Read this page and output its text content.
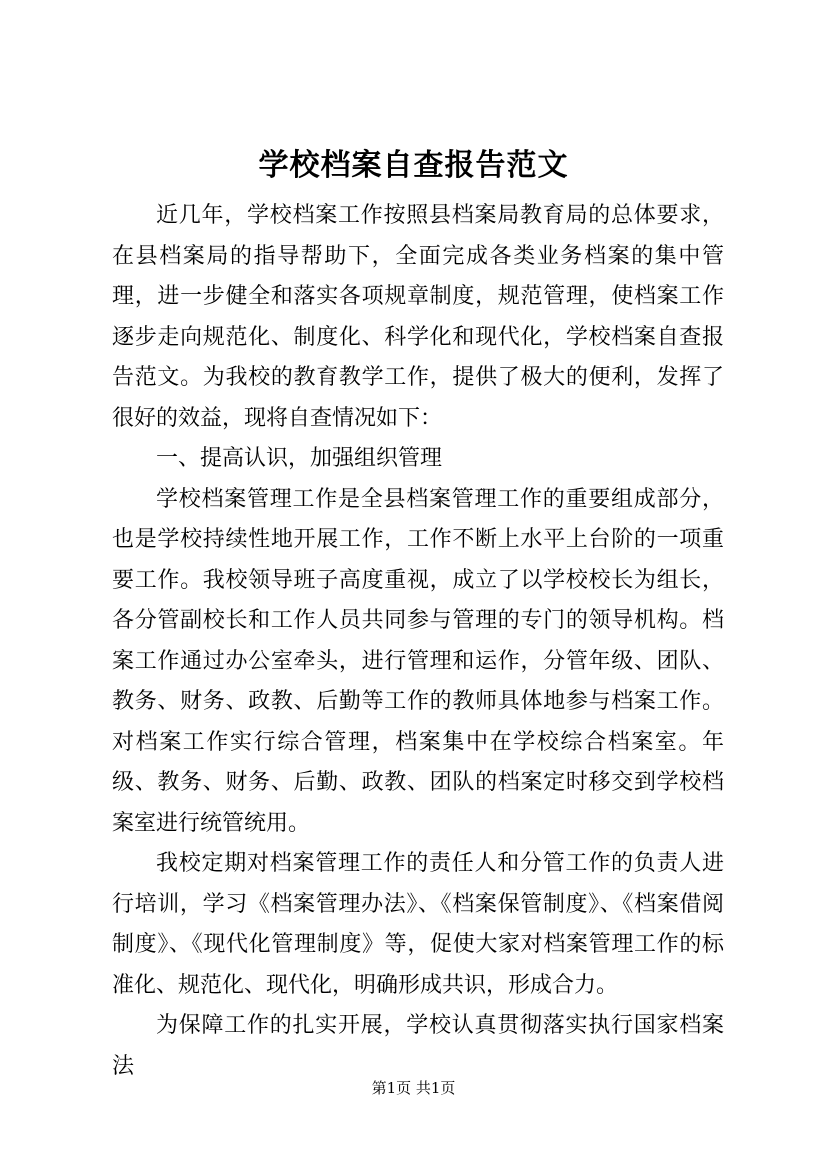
学校档案自查报告范文

近几年，学校档案工作按照县档案局教育局的总体要求，在县档案局的指导帮助下，全面完成各类业务档案的集中管理，进一步健全和落实各项规章制度，规范管理，使档案工作逐步走向规范化、制度化、科学化和现代化，学校档案自查报告范文。为我校的教育教学工作，提供了极大的便利，发挥了很好的效益，现将自查情况如下：

一、提高认识，加强组织管理

学校档案管理工作是全县档案管理工作的重要组成部分，也是学校持续性地开展工作，工作不断上水平上台阶的一项重要工作。我校领导班子高度重视，成立了以学校校长为组长，各分管副校长和工作人员共同参与管理的专门的领导机构。档案工作通过办公室牵头，进行管理和运作，分管年级、团队、教务、财务、政教、后勤等工作的教师具体地参与档案工作。对档案工作实行综合管理，档案集中在学校综合档案室。年级、教务、财务、后勤、政教、团队的档案定时移交到学校档案室进行统管统用。

我校定期对档案管理工作的责任人和分管工作的负责人进行培训，学习《档案管理办法》、《档案保管制度》、《档案借阅制度》、《现代化管理制度》等，促使大家对档案管理工作的标准化、规范化、现代化，明确形成共识，形成合力。

为保障工作的扎实开展，学校认真贯彻落实执行国家档案法

第1页 共1页
